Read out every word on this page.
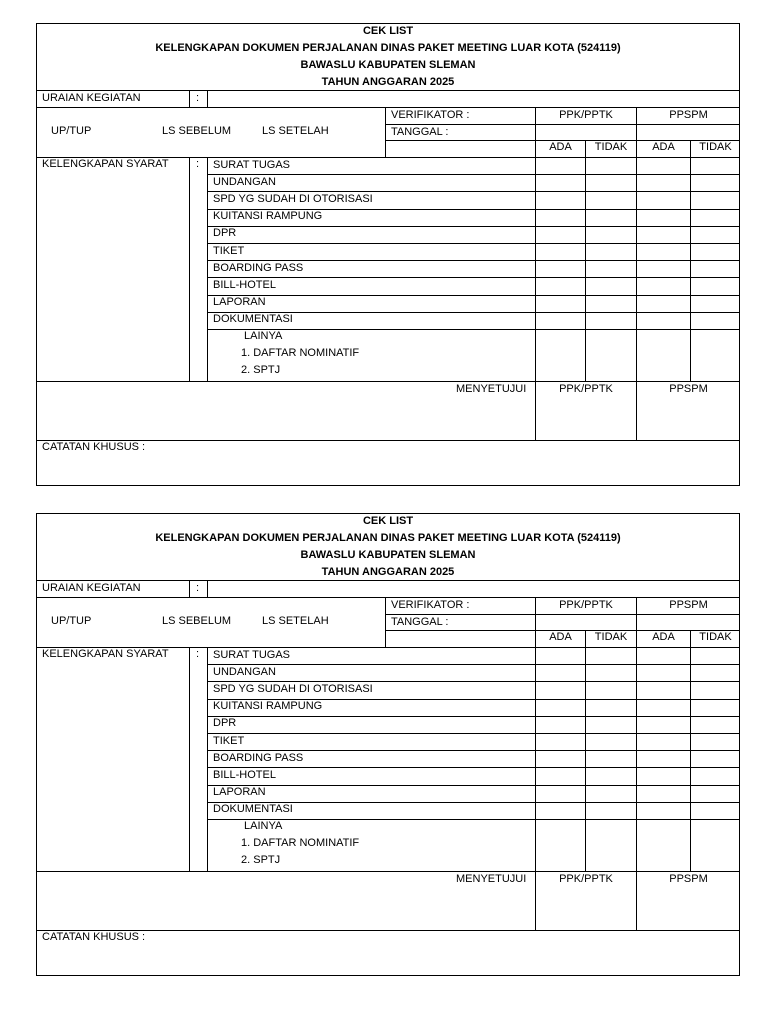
CEK LIST
KELENGKAPAN DOKUMEN PERJALANAN DINAS PAKET MEETING LUAR KOTA (524119)
BAWASLU KABUPATEN SLEMAN
TAHUN ANGGARAN 2025
URAIAN KEGIATAN	:
UP/TUP	LS SEBELUM	LS SETELAH
VERIFIKATOR :
TANGGAL :
PPK/PPTK	PPSPM
ADA	TIDAK	ADA	TIDAK
KELENGKAPAN SYARAT : SURAT TUGAS
UNDANGAN
SPD YG SUDAH DI OTORISASI
KUITANSI RAMPUNG
DPR
TIKET
BOARDING PASS
BILL-HOTEL
LAPORAN
DOKUMENTASI
LAINYA
1. DAFTAR NOMINATIF
2. SPTJ
MENYETUJUI	PPK/PPTK	PPSPM
CATATAN KHUSUS :
CEK LIST
KELENGKAPAN DOKUMEN PERJALANAN DINAS PAKET MEETING LUAR KOTA (524119)
BAWASLU KABUPATEN SLEMAN
TAHUN ANGGARAN 2025
URAIAN KEGIATAN	:
UP/TUP	LS SEBELUM	LS SETELAH
VERIFIKATOR :
TANGGAL :
PPK/PPTK	PPSPM
ADA	TIDAK	ADA	TIDAK
KELENGKAPAN SYARAT : SURAT TUGAS
UNDANGAN
SPD YG SUDAH DI OTORISASI
KUITANSI RAMPUNG
DPR
TIKET
BOARDING PASS
BILL-HOTEL
LAPORAN
DOKUMENTASI
LAINYA
1. DAFTAR NOMINATIF
2. SPTJ
MENYETUJUI	PPK/PPTK	PPSPM
CATATAN KHUSUS :
